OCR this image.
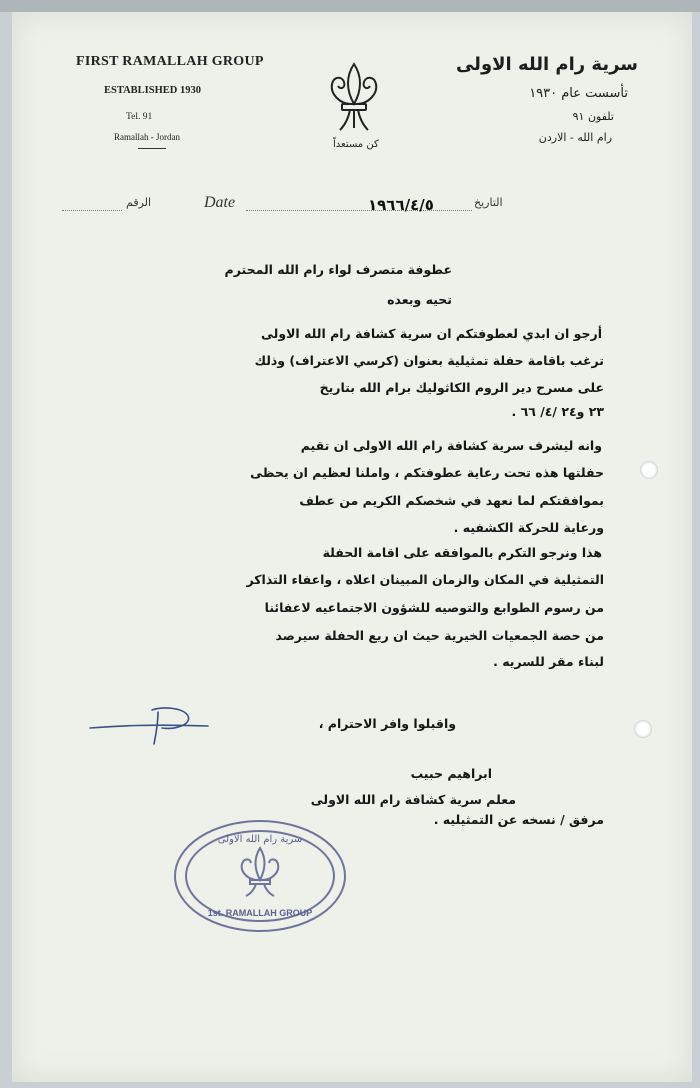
FIRST RAMALLAH GROUP
ESTABLISHED 1930
Tel. 91
Ramallah - Jordan
كن مستعداً
سرية رام الله الاولى
تأسست عام ١٩٣٠
تلفون ٩١
رام الله - الاردن
الرقم	Date	١٩٦٦/٤/٥	التاريخ
عطوفة متصرف لواء رام الله المحترم
تحيه وبعده
أرجو ان ابدي لعطوفتكم ان سرية كشافة رام الله الاولى
ترغب باقامة حفلة تمثيلية بعنوان (كرسي الاعتراف) وذلك
على مسرح دير الروم الكاثوليك برام الله بتاريخ
٢٣ و٢٤ /٤/ ٦٦ .
وانه ليشرف سرية كشافة رام الله الاولى ان تقيم
حفلتها هذه تحت رعاية عطوفتكم ، واملنا لعظيم ان يحظى
بموافقتكم لما نعهد في شخصكم الكريم من عطف
ورعاية للحركة الكشفيه .
هذا ونرجو التكرم بالموافقه على اقامة الحفلة
التمثيلية في المكان والزمان المبينان اعلاه ، واعفاء التذاكر
من رسوم الطوابع والتوصيه للشؤون الاجتماعيه لاعفائنا
من حصة الجمعيات الخيرية حيث ان ريع الحفلة سيرصد
لبناء مقر للسريه .
واقبلوا وافر الاحترام ،
ابراهيم حبيب
معلم سرية كشافة رام الله الاولى
مرفق / نسخه عن التمثيليه .
سرية رام الله الاولى
1st. RAMALLAH GROUP
